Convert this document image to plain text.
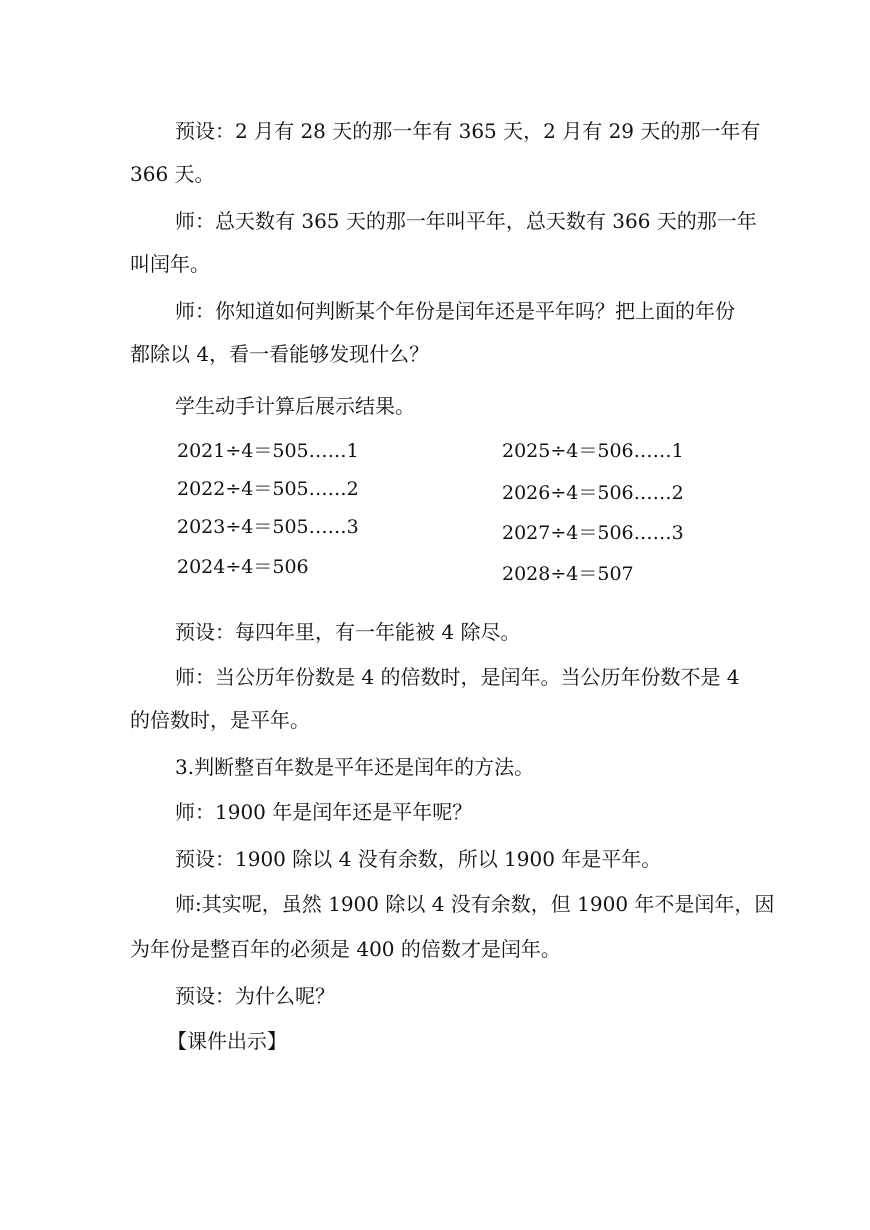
预设：2 月有 28 天的那一年有 365 天，2 月有 29 天的那一年有
366 天。
师：总天数有 365 天的那一年叫平年，总天数有 366 天的那一年
叫闰年。
师：你知道如何判断某个年份是闰年还是平年吗？把上面的年份
都除以 4，看一看能够发现什么？
学生动手计算后展示结果。
2021÷4＝505……1
2022÷4＝505……2
2023÷4＝505……3
2024÷4＝506
2025÷4＝506……1
2026÷4＝506……2
2027÷4＝506……3
2028÷4＝507
预设：每四年里，有一年能被 4 除尽。
师：当公历年份数是 4 的倍数时，是闰年。当公历年份数不是 4
的倍数时，是平年。
3.判断整百年数是平年还是闰年的方法。
师：1900 年是闰年还是平年呢？
预设：1900 除以 4 没有余数，所以 1900 年是平年。
师:其实呢，虽然 1900 除以 4 没有余数，但 1900 年不是闰年，因
为年份是整百年的必须是 400 的倍数才是闰年。
预设：为什么呢？
【课件出示】
